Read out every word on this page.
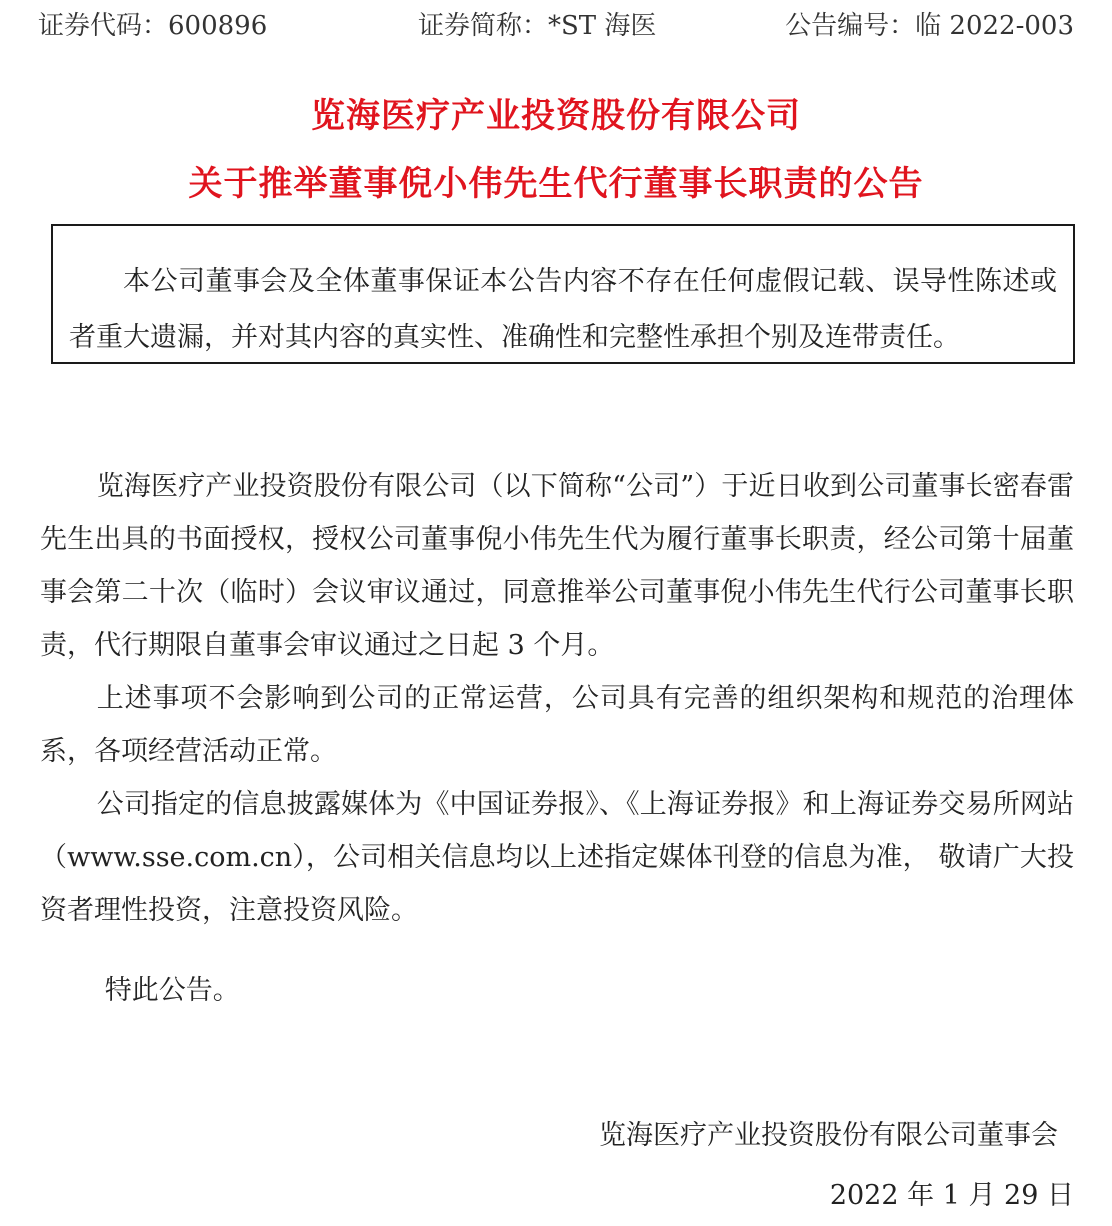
证券代码：600896	证券简称：*ST 海医	公告编号：临 2022-003
览海医疗产业投资股份有限公司
关于推举董事倪小伟先生代行董事长职责的公告
本公司董事会及全体董事保证本公告内容不存在任何虚假记载、误导性陈述或者重大遗漏，并对其内容的真实性、准确性和完整性承担个别及连带责任。

览海医疗产业投资股份有限公司（以下简称“公司”）于近日收到公司董事长密春雷先生出具的书面授权，授权公司董事倪小伟先生代为履行董事长职责，经公司第十届董事会第二十次（临时）会议审议通过，同意推举公司董事倪小伟先生代行公司董事长职责，代行期限自董事会审议通过之日起 3 个月。

上述事项不会影响到公司的正常运营，公司具有完善的组织架构和规范的治理体系，各项经营活动正常。

公司指定的信息披露媒体为《中国证券报》、《上海证券报》和上海证券交易所网站 （www.sse.com.cn），公司相关信息均以上述指定媒体刊登的信息为准， 敬请广大投资者理性投资，注意投资风险。

特此公告。

览海医疗产业投资股份有限公司董事会
2022 年 1 月 29 日
